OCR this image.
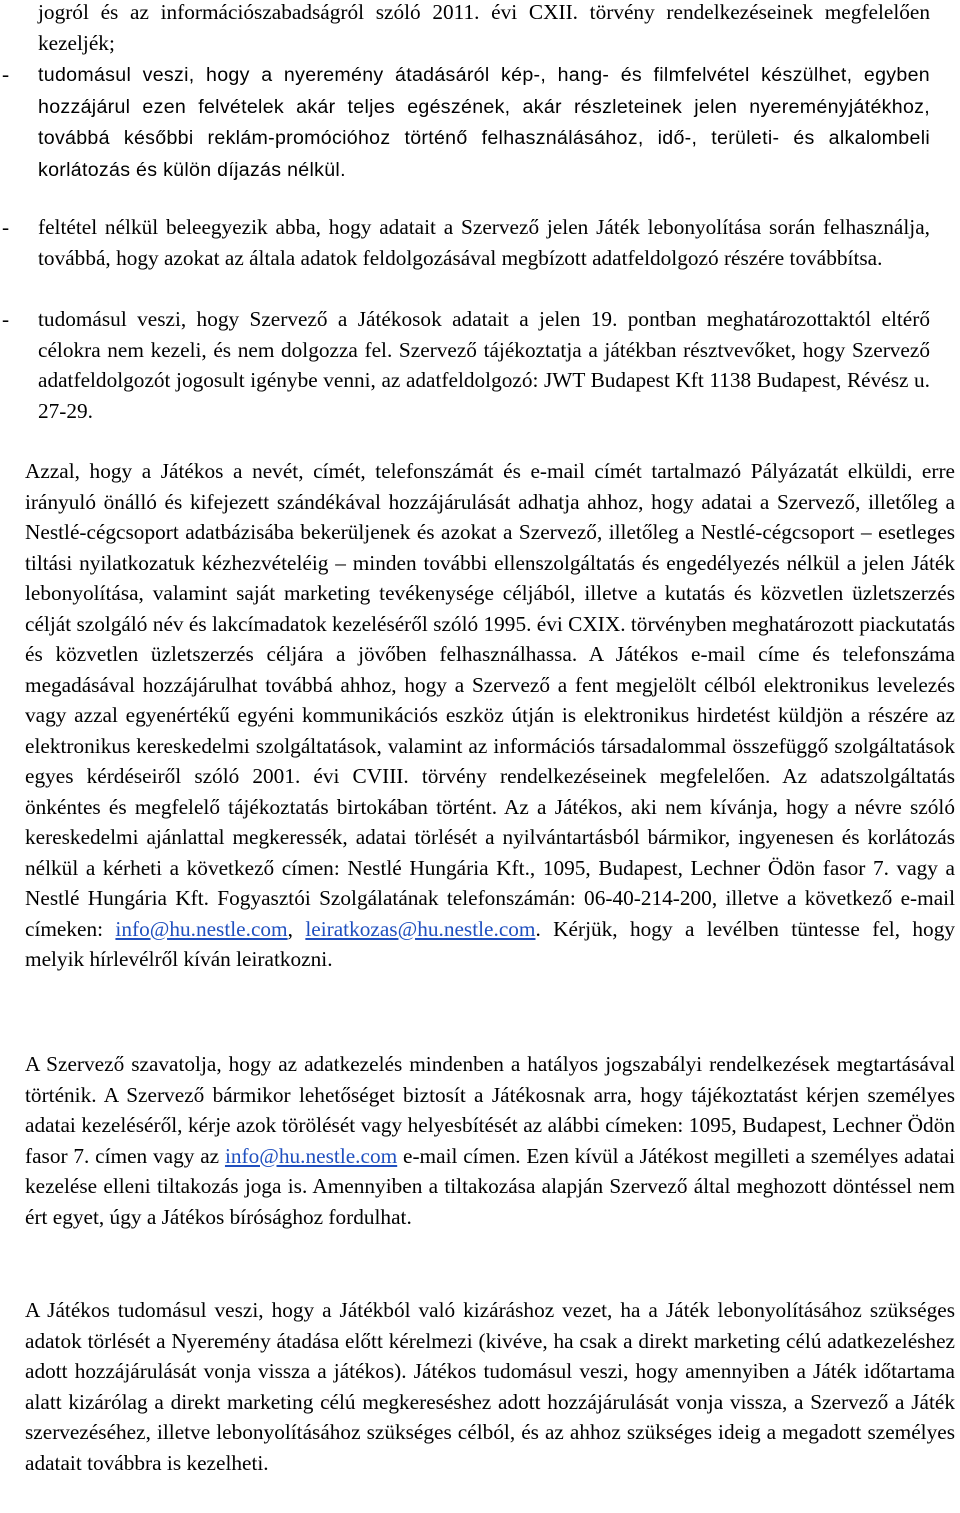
jogról és az információszabadságról szóló 2011. évi CXII. törvény rendelkezéseinek megfelelően kezeljék;
-	tudomásul veszi, hogy a nyeremény átadásáról kép-, hang- és filmfelvétel készülhet, egyben hozzájárul ezen felvételek akár teljes egészének, akár részleteinek jelen nyereményjátékhoz, továbbá későbbi reklám-promócióhoz történő felhasználásához, idő-, területi- és alkalombeli korlátozás és külön díjazás nélkül.
-	feltétel nélkül beleegyezik abba, hogy adatait a Szervező jelen Játék lebonyolítása során felhasználja, továbbá, hogy azokat az általa adatok feldolgozásával megbízott adatfeldolgozó részére továbbítsa.
-	tudomásul veszi, hogy Szervező a Játékosok adatait a jelen 19. pontban meghatározottaktól eltérő célokra nem kezeli, és nem dolgozza fel. Szervező tájékoztatja a játékban résztvevőket, hogy Szervező adatfeldolgozót jogosult igénybe venni, az adatfeldolgozó: JWT Budapest Kft 1138 Budapest, Révész u. 27-29.
Azzal, hogy a Játékos a nevét, címét, telefonszámát és e-mail címét tartalmazó Pályázatát elküldi, erre irányuló önálló és kifejezett szándékával hozzájárulását adhatja ahhoz, hogy adatai a Szervező, illetőleg a Nestlé-cégcsoport adatbázisába bekerüljenek és azokat a Szervező, illetőleg a Nestlé-cégcsoport – esetleges tiltási nyilatkozatuk kézhezvételéig – minden további ellenszolgáltatás és engedélyezés nélkül a jelen Játék lebonyolítása, valamint saját marketing tevékenysége céljából, illetve a kutatás és közvetlen üzletszerzés célját szolgáló név és lakcímadatok kezeléséről szóló 1995. évi CXIX. törvényben meghatározott piackutatás és közvetlen üzletszerzés céljára a jövőben felhasználhassa. A Játékos e-mail címe és telefonszáma megadásával hozzájárulhat továbbá ahhoz, hogy a Szervező a fent megjelölt célból elektronikus levelezés vagy azzal egyenértékű egyéni kommunikációs eszköz útján is elektronikus hirdetést küldjön a részére az elektronikus kereskedelmi szolgáltatások, valamint az információs társadalommal összefüggő szolgáltatások egyes kérdéseiről szóló 2001. évi CVIII. törvény rendelkezéseinek megfelelően. Az adatszolgáltatás önkéntes és megfelelő tájékoztatás birtokában történt. Az a Játékos, aki nem kívánja, hogy a névre szóló kereskedelmi ajánlattal megkeressék, adatai törlését a nyilvántartásból bármikor, ingyenesen és korlátozás nélkül a kérheti a következő címen: Nestlé Hungária Kft., 1095, Budapest, Lechner Ödön fasor 7. vagy a Nestlé Hungária Kft. Fogyasztói Szolgálatának telefonszámán: 06-40-214-200, illetve a következő e-mail címeken: info@hu.nestle.com, leiratkozas@hu.nestle.com. Kérjük, hogy a levélben tüntesse fel, hogy melyik hírlevélről kíván leiratkozni.
A Szervező szavatolja, hogy az adatkezelés mindenben a hatályos jogszabályi rendelkezések megtartásával történik. A Szervező bármikor lehetőséget biztosít a Játékosnak arra, hogy tájékoztatást kérjen személyes adatai kezeléséről, kérje azok törölését vagy helyesbítését az alábbi címeken: 1095, Budapest, Lechner Ödön fasor 7. címen vagy az info@hu.nestle.com e-mail címen. Ezen kívül a Játékost megilleti a személyes adatai kezelése elleni tiltakozás joga is. Amennyiben a tiltakozása alapján Szervező által meghozott döntéssel nem ért egyet, úgy a Játékos bírósághoz fordulhat.
A Játékos tudomásul veszi, hogy a Játékból való kizáráshoz vezet, ha a Játék lebonyolításához szükséges adatok törlését a Nyeremény átadása előtt kérelmezi (kivéve, ha csak a direkt marketing célú adatkezeléshez adott hozzájárulását vonja vissza a játékos). Játékos tudomásul veszi, hogy amennyiben a Játék időtartama alatt kizárólag a direkt marketing célú megkereséshez adott hozzájárulását vonja vissza, a Szervező a Játék szervezéséhez, illetve lebonyolításához szükséges célból, és az ahhoz szükséges ideig a megadott személyes adatait továbbra is kezelheti.
